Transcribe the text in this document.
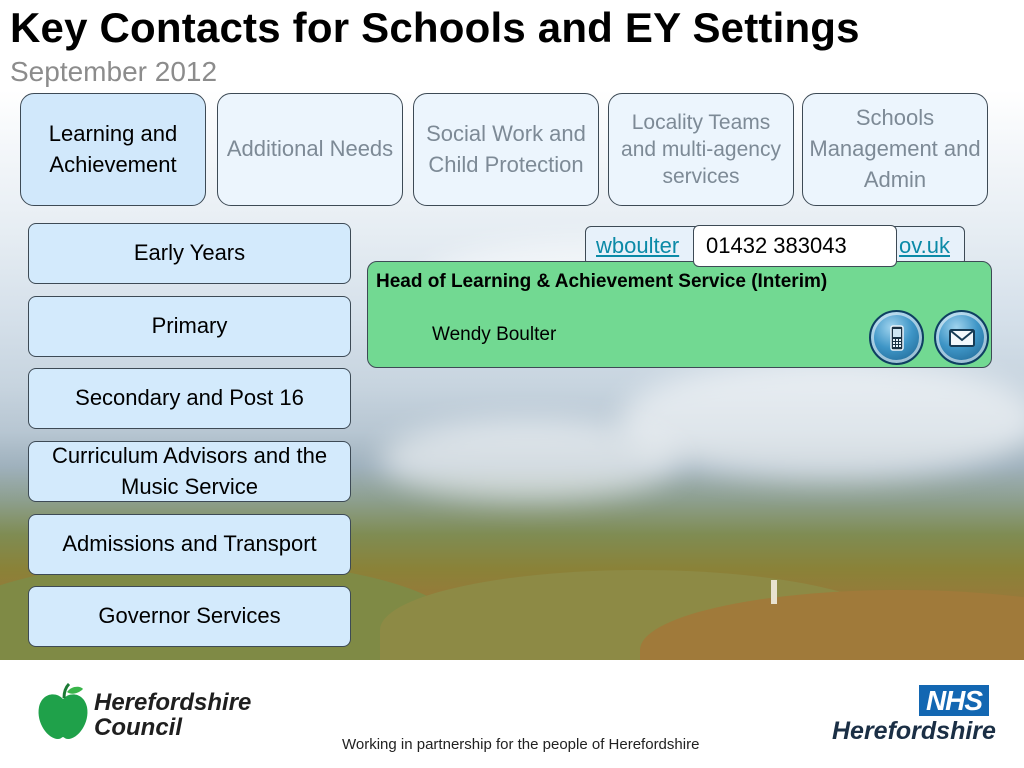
Key Contacts for Schools and EY Settings
September 2012
Learning and Achievement
Additional Needs
Social Work and Child Protection
Locality Teams and multi-agency services
Schools Management and Admin
Early Years
Primary
Secondary and Post 16
Curriculum Advisors and the Music Service
Admissions and Transport
Governor Services
wboulter	ov.uk
01432 383043
Head of Learning & Achievement Service (Interim)
Wendy Boulter
Herefordshire
Council
Working in partnership for the people of Herefordshire
NHS
Herefordshire
